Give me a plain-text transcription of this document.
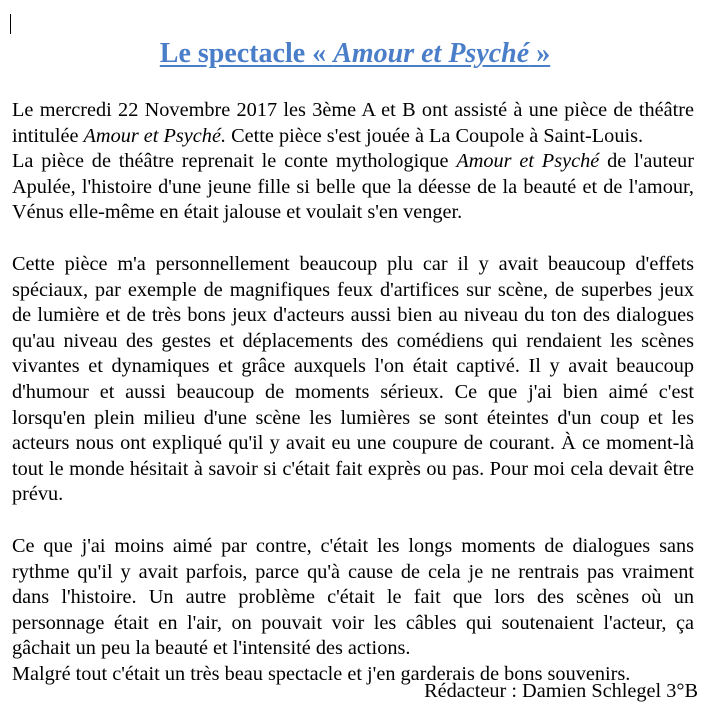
Le spectacle « Amour et Psyché »

Le mercredi 22 Novembre 2017 les 3ème A et B ont assisté à une pièce de théâtre intitulée Amour et Psyché. Cette pièce s'est jouée à La Coupole à Saint-Louis.

La pièce de théâtre reprenait le conte mythologique Amour et Psyché de l'auteur Apulée, l'histoire d'une jeune fille si belle que la déesse de la beauté et de l'amour, Vénus elle-même en était jalouse et voulait s'en venger.

Cette pièce m'a personnellement beaucoup plu car il y avait beaucoup d'effets spéciaux, par exemple de magnifiques feux d'artifices sur scène, de superbes jeux de lumière et de très bons jeux d'acteurs aussi bien au niveau du ton des dialogues qu'au niveau des gestes et déplacements des comédiens qui rendaient les scènes vivantes et dynamiques et grâce auxquels l'on était captivé. Il y avait beaucoup d'humour et aussi beaucoup de moments sérieux. Ce que j'ai bien aimé c'est lorsqu'en plein milieu d'une scène les lumières se sont éteintes d'un coup et les acteurs nous ont expliqué qu'il y avait eu une coupure de courant. À ce moment-là tout le monde hésitait à savoir si c'était fait exprès ou pas. Pour moi cela devait être prévu.

Ce que j'ai moins aimé par contre, c'était les longs moments de dialogues sans rythme qu'il y avait parfois, parce qu'à cause de cela je ne rentrais pas vraiment dans l'histoire. Un autre problème c'était le fait que lors des scènes où un personnage était en l'air, on pouvait voir les câbles qui soutenaient l'acteur, ça gâchait un peu la beauté et l'intensité des actions.

Malgré tout c'était un très beau spectacle et j'en garderais de bons souvenirs.

Rédacteur : Damien Schlegel 3°B
